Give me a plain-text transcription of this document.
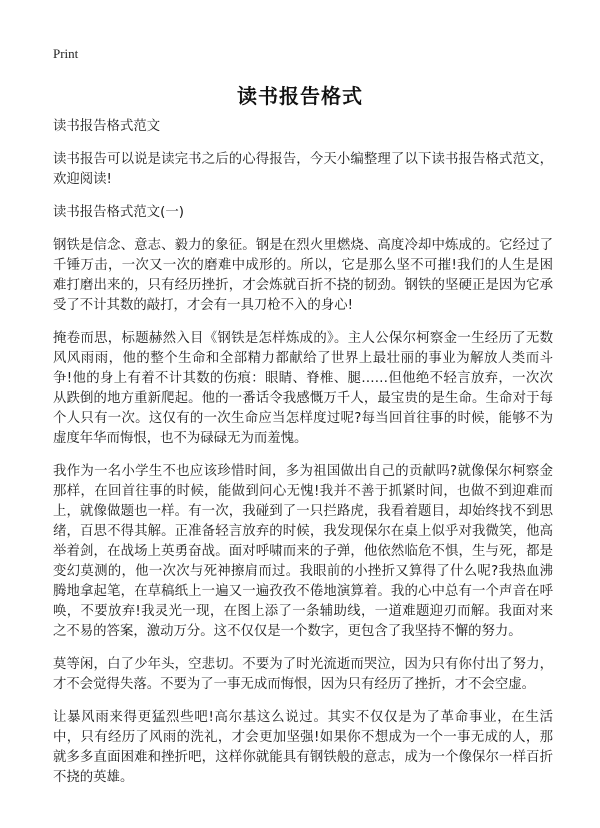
Print
读书报告格式

读书报告格式范文

读书报告可以说是读完书之后的心得报告，今天小编整理了以下读书报告格式范文，欢迎阅读!

读书报告格式范文(一)

钢铁是信念、意志、毅力的象征。钢是在烈火里燃烧、高度冷却中炼成的。它经过了千锤万击，一次又一次的磨难中成形的。所以，它是那么坚不可摧!我们的人生是困难打磨出来的，只有经历挫折，才会炼就百折不挠的韧劲。钢铁的坚硬正是因为它承受了不计其数的敲打，才会有一具刀枪不入的身心!

掩卷而思，标题赫然入目《钢铁是怎样炼成的》。主人公保尔柯察金一生经历了无数风风雨雨，他的整个生命和全部精力都献给了世界上最壮丽的事业为解放人类而斗争!他的身上有着不计其数的伤痕：眼睛、脊椎、腿……但他绝不轻言放弃，一次次从跌倒的地方重新爬起。他的一番话令我感慨万千人，最宝贵的是生命。生命对于每个人只有一次。这仅有的一次生命应当怎样度过呢?每当回首往事的时候，能够不为虚度年华而悔恨，也不为碌碌无为而羞愧。

我作为一名小学生不也应该珍惜时间，多为祖国做出自己的贡献吗?就像保尔柯察金那样，在回首往事的时候，能做到问心无愧!我并不善于抓紧时间，也做不到迎难而上，就像做题也一样。有一次，我碰到了一只拦路虎，我看着题目，却始终找不到思绪，百思不得其解。正准备轻言放弃的时候，我发现保尔在桌上似乎对我微笑，他高举着剑，在战场上英勇奋战。面对呼啸而来的子弹，他依然临危不惧，生与死，都是变幻莫测的，他一次次与死神擦肩而过。我眼前的小挫折又算得了什么呢?我热血沸腾地拿起笔，在草稿纸上一遍又一遍孜孜不倦地演算着。我的心中总有一个声音在呼唤，不要放弃!我灵光一现，在图上添了一条辅助线，一道难题迎刃而解。我面对来之不易的答案，激动万分。这不仅仅是一个数字，更包含了我坚持不懈的努力。

莫等闲，白了少年头，空悲切。不要为了时光流逝而哭泣，因为只有你付出了努力，才不会觉得失落。不要为了一事无成而悔恨，因为只有经历了挫折，才不会空虚。

让暴风雨来得更猛烈些吧!高尔基这么说过。其实不仅仅是为了革命事业，在生活中，只有经历了风雨的洗礼，才会更加坚强!如果你不想成为一个一事无成的人，那就多多直面困难和挫折吧，这样你就能具有钢铁般的意志，成为一个像保尔一样百折不挠的英雄。
